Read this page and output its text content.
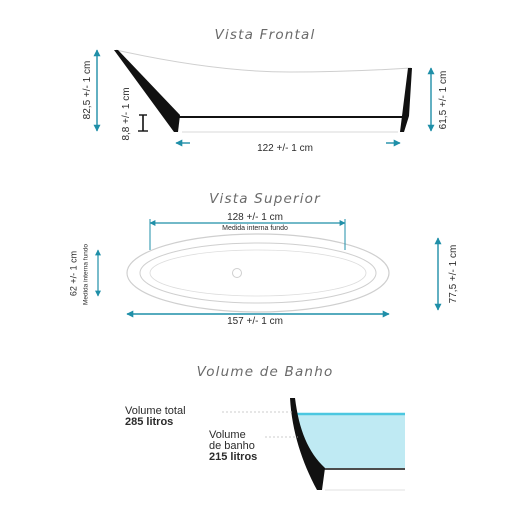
Vista Frontal
Vista Superior
Volume de Banho
82,5 +/- 1 cm	8,8 +/- 1 cm	61,5 +/- 1 cm
122 +/- 1 cm
128 +/- 1 cm
Medida interna fundo
62 +/- 1 cm Medida interna fundo	77,5 +/- 1 cm
157 +/- 1 cm
Volume total
285 litros
Volume
de banho
215 litros
